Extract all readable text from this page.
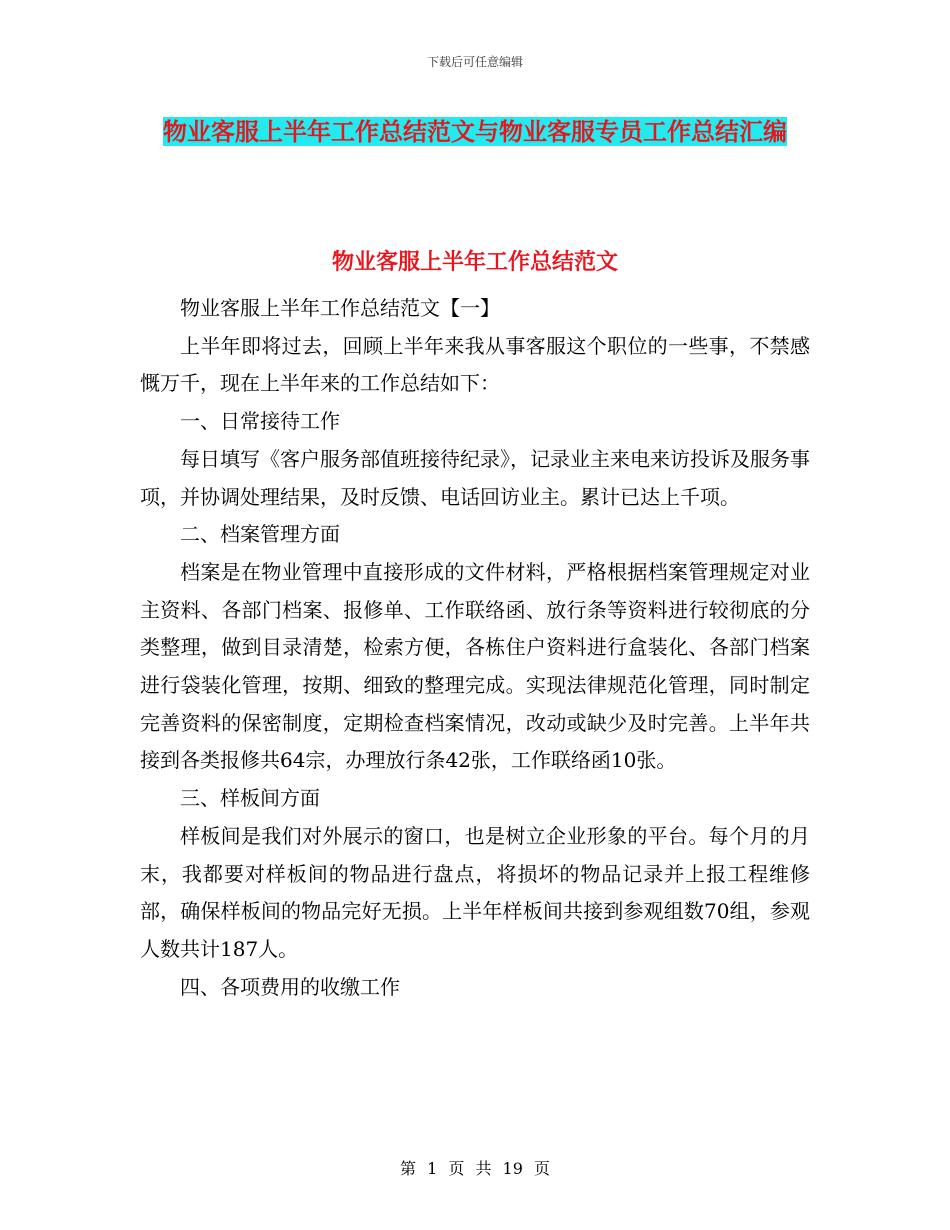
下载后可任意编辑
物业客服上半年工作总结范文与物业客服专员工作总结汇编
物业客服上半年工作总结范文

物业客服上半年工作总结范文【一】

上半年即将过去，回顾上半年来我从事客服这个职位的一些事，不禁感慨万千，现在上半年来的工作总结如下：

一、日常接待工作

每日填写《客户服务部值班接待纪录》，记录业主来电来访投诉及服务事项，并协调处理结果，及时反馈、电话回访业主。累计已达上千项。

二、档案管理方面

档案是在物业管理中直接形成的文件材料，严格根据档案管理规定对业主资料、各部门档案、报修单、工作联络函、放行条等资料进行较彻底的分类整理，做到目录清楚，检索方便，各栋住户资料进行盒装化、各部门档案进行袋装化管理，按期、细致的整理完成。实现法律规范化管理，同时制定完善资料的保密制度，定期检查档案情况，改动或缺少及时完善。上半年共接到各类报修共64宗，办理放行条42张，工作联络函10张。

三、样板间方面

样板间是我们对外展示的窗口，也是树立企业形象的平台。每个月的月末，我都要对样板间的物品进行盘点，将损坏的物品记录并上报工程维修部，确保样板间的物品完好无损。上半年样板间共接到参观组数70组，参观人数共计187人。

四、各项费用的收缴工作

第 1 页 共 19 页
